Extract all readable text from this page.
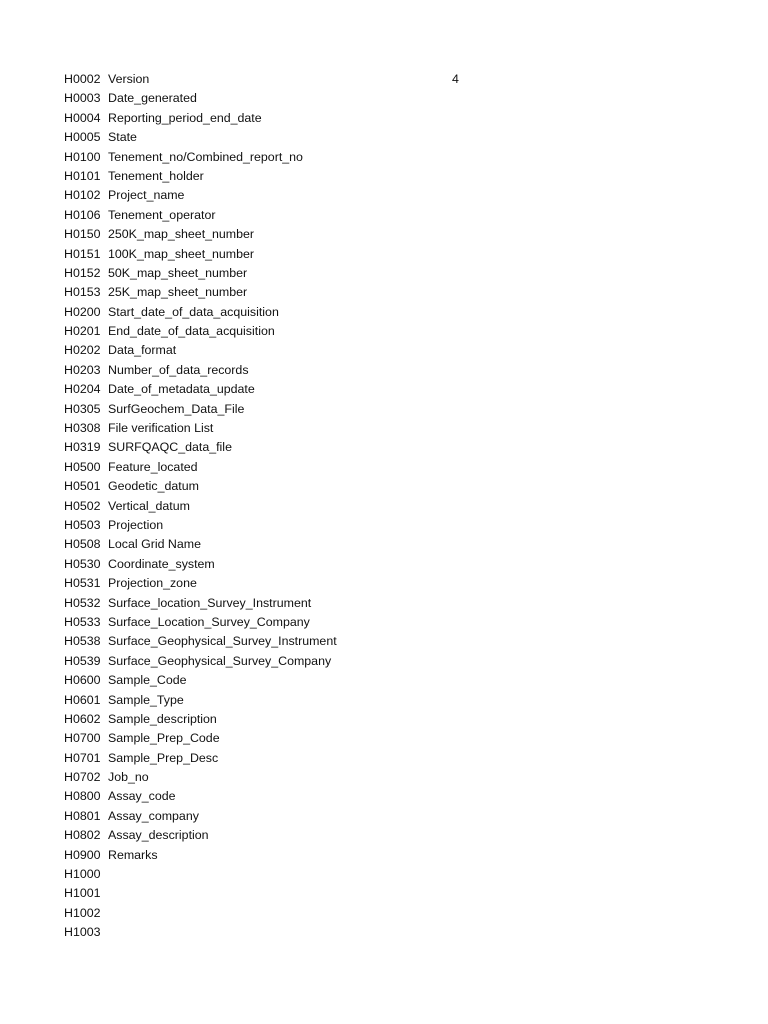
H0002 Version	4
H0003 Date_generated
H0004 Reporting_period_end_date
H0005 State
H0100 Tenement_no/Combined_report_no
H0101 Tenement_holder
H0102 Project_name
H0106 Tenement_operator
H0150 250K_map_sheet_number
H0151 100K_map_sheet_number
H0152 50K_map_sheet_number
H0153 25K_map_sheet_number
H0200 Start_date_of_data_acquisition
H0201 End_date_of_data_acquisition
H0202 Data_format
H0203 Number_of_data_records
H0204 Date_of_metadata_update
H0305 SurfGeochem_Data_File
H0308 File verification List
H0319 SURFQAQC_data_file
H0500 Feature_located
H0501 Geodetic_datum
H0502 Vertical_datum
H0503 Projection
H0508 Local Grid Name
H0530 Coordinate_system
H0531 Projection_zone
H0532 Surface_location_Survey_Instrument
H0533 Surface_Location_Survey_Company
H0538 Surface_Geophysical_Survey_Instrument
H0539 Surface_Geophysical_Survey_Company
H0600 Sample_Code
H0601 Sample_Type
H0602 Sample_description
H0700 Sample_Prep_Code
H0701 Sample_Prep_Desc
H0702 Job_no
H0800 Assay_code
H0801 Assay_company
H0802 Assay_description
H0900 Remarks
H1000
H1001
H1002
H1003
